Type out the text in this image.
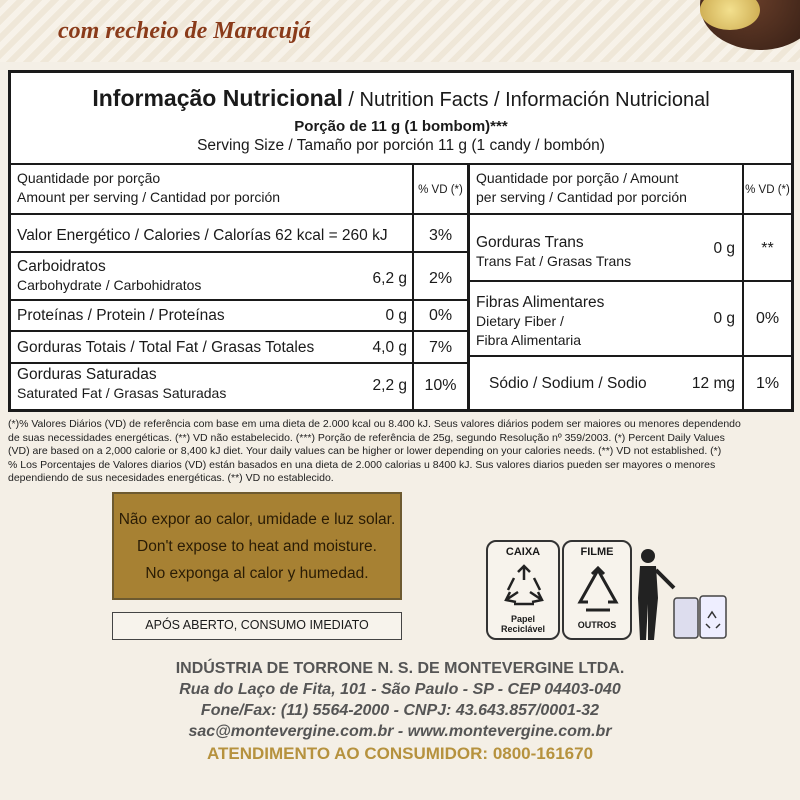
com recheio de Maracujá
Informação Nutricional / Nutrition Facts / Información Nutricional
Porção de 11 g (1 bombom)***
Serving Size / Tamaño por porción 11 g (1 candy / bombón)
Quantidade por porção
Amount per serving / Cantidad por porción	% VD (*)
Quantidade por porção / Amount
per serving / Cantidad por porción	% VD (*)
Valor Energético / Calories / Calorías 62 kcal = 260 kJ	3%
Carboidratos
Carbohydrate / Carbohidratos	6,2 g	2%
Proteínas / Protein / Proteínas	0 g	0%
Gorduras Totais / Total Fat / Grasas Totales	4,0 g	7%
Gorduras Saturadas
Saturated Fat / Grasas Saturadas	2,2 g	10%
Gorduras Trans
Trans Fat / Grasas Trans
0 g	**
Fibras Alimentares
Dietary Fiber /
Fibra Alimentaria
0 g	0%
Sódio / Sodium / Sodio	12 mg	1%
(*)% Valores Diários (VD) de referência com base em uma dieta de 2.000 kcal ou 8.400 kJ. Seus valores diários podem ser maiores ou menores dependendo
de suas necessidades energéticas. (**) VD não estabelecido. (***) Porção de referência de 25g, segundo Resolução nº 359/2003. (*) Percent Daily Values
(VD) are based on a 2,000 calorie or 8,400 kJ diet. Your daily values can be higher or lower depending on your calories needs. (**) VD not established. (*)
% Los Porcentajes de Valores diarios (VD) están basados en una dieta de 2.000 calorias u 8400 kJ. Sus valores diarios pueden ser mayores o menores
dependiendo de sus necesidades energéticas. (**) VD no establecido.
Não expor ao calor, umidade e luz solar.
Don't expose to heat and moisture.
No exponga al calor y humedad.
APÓS ABERTO, CONSUMO IMEDIATO
CAIXA
Papel
Reciclável
FILME
OUTROS
INDÚSTRIA DE TORRONE N. S. DE MONTEVERGINE LTDA.
Rua do Laço de Fita, 101 - São Paulo - SP - CEP 04403-040
Fone/Fax: (11) 5564-2000 - CNPJ: 43.643.857/0001-32
sac@montevergine.com.br - www.montevergine.com.br
ATENDIMENTO AO CONSUMIDOR: 0800-161670
